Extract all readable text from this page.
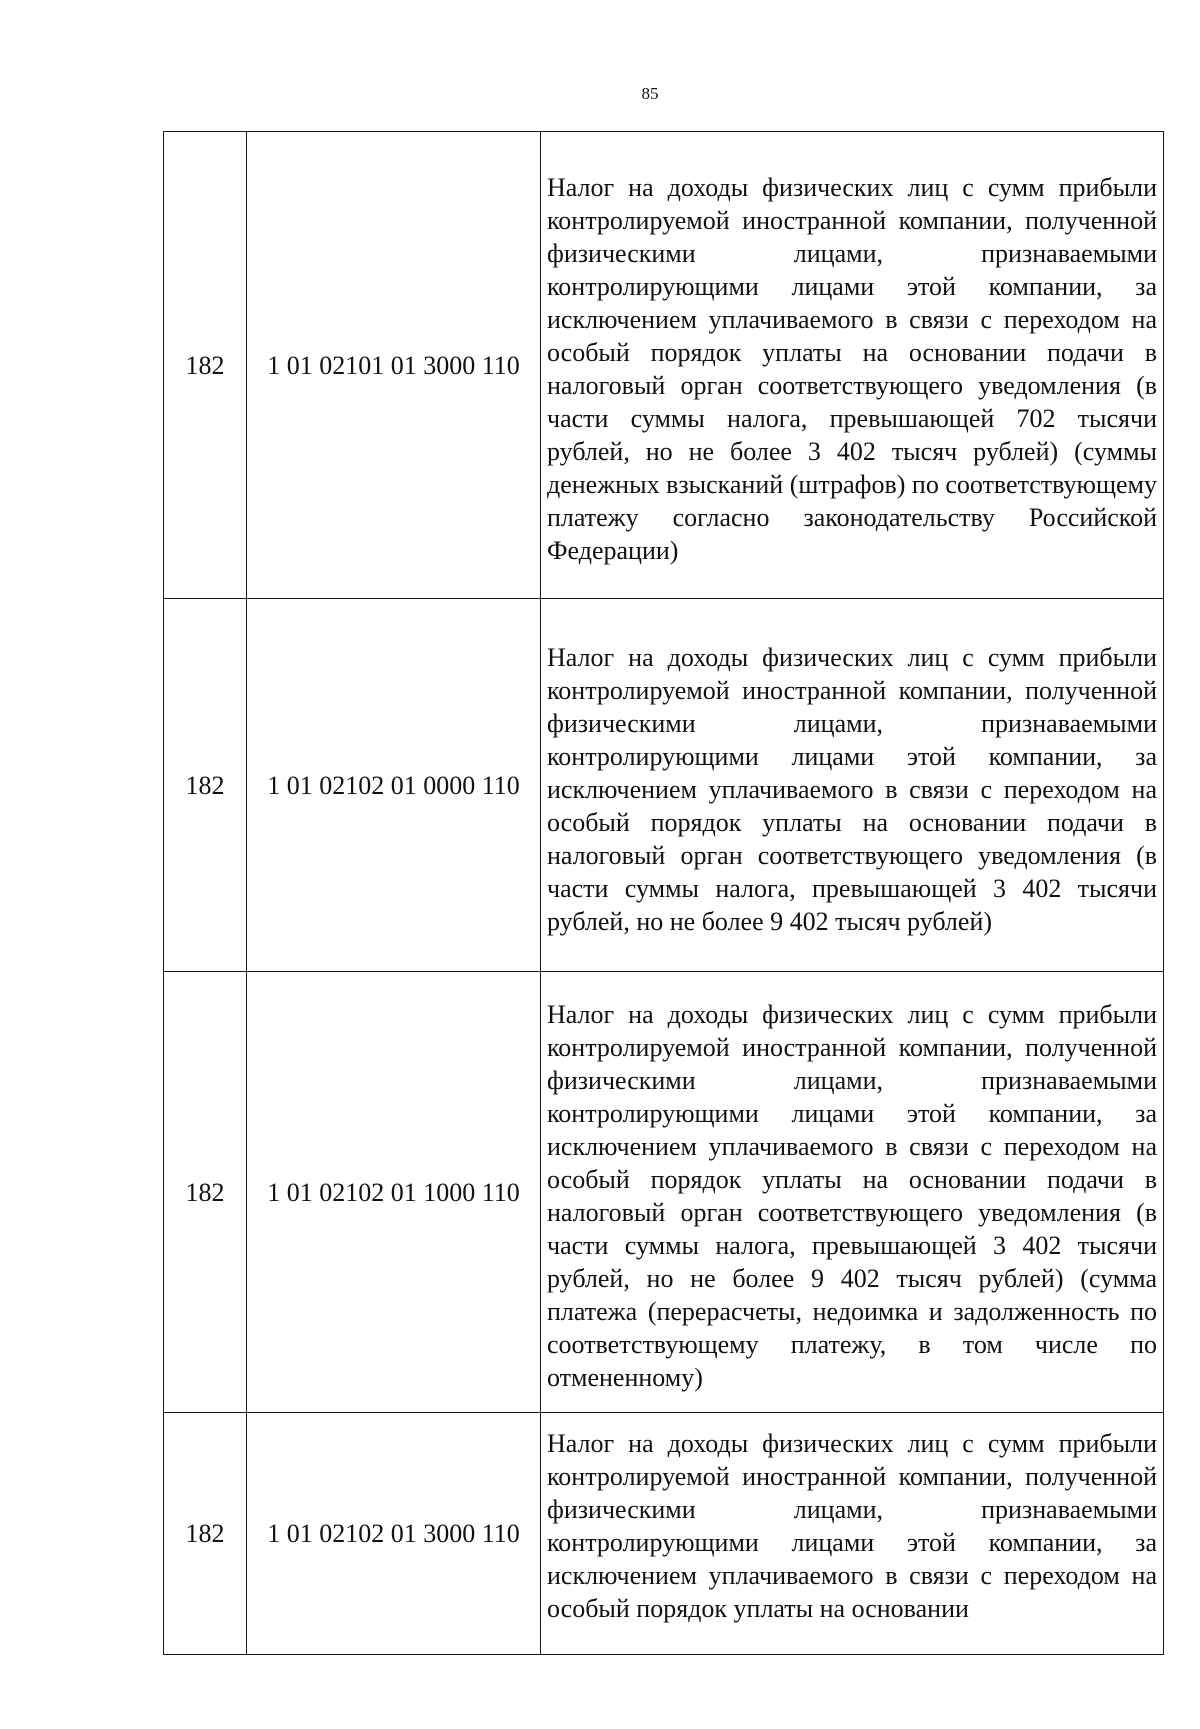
85
182	1 01 02101 01 3000 110	Налог на доходы физических лиц с сумм прибыли контролируемой иностранной компании, полученной физическими лицами, признаваемыми контролирующими лицами этой компании, за исключением уплачиваемого в связи с переходом на особый порядок уплаты на основании подачи в налоговый орган соответствующего уведомления (в части суммы налога, превышающей 702 тысячи рублей, но не более 3 402 тысяч рублей) (суммы денежных взысканий (штрафов) по соответствующему платежу согласно законодательству Российской Федерации)
182	1 01 02102 01 0000 110	Налог на доходы физических лиц с сумм прибыли контролируемой иностранной компании, полученной физическими лицами, признаваемыми контролирующими лицами этой компании, за исключением уплачиваемого в связи с переходом на особый порядок уплаты на основании подачи в налоговый орган соответствующего уведомления (в части суммы налога, превышающей 3 402 тысячи рублей, но не более 9 402 тысяч рублей)
182	1 01 02102 01 1000 110	Налог на доходы физических лиц с сумм прибыли контролируемой иностранной компании, полученной физическими лицами, признаваемыми контролирующими лицами этой компании, за исключением уплачиваемого в связи с переходом на особый порядок уплаты на основании подачи в налоговый орган соответствующего уведомления (в части суммы налога, превышающей 3 402 тысячи рублей, но не более 9 402 тысяч рублей) (сумма платежа (перерасчеты, недоимка и задолженность по соответствующему платежу, в том числе по отмененному)
182	1 01 02102 01 3000 110	Налог на доходы физических лиц с сумм прибыли контролируемой иностранной компании, полученной физическими лицами, признаваемыми контролирующими лицами этой компании, за исключением уплачиваемого в связи с переходом на особый порядок уплаты на основании
